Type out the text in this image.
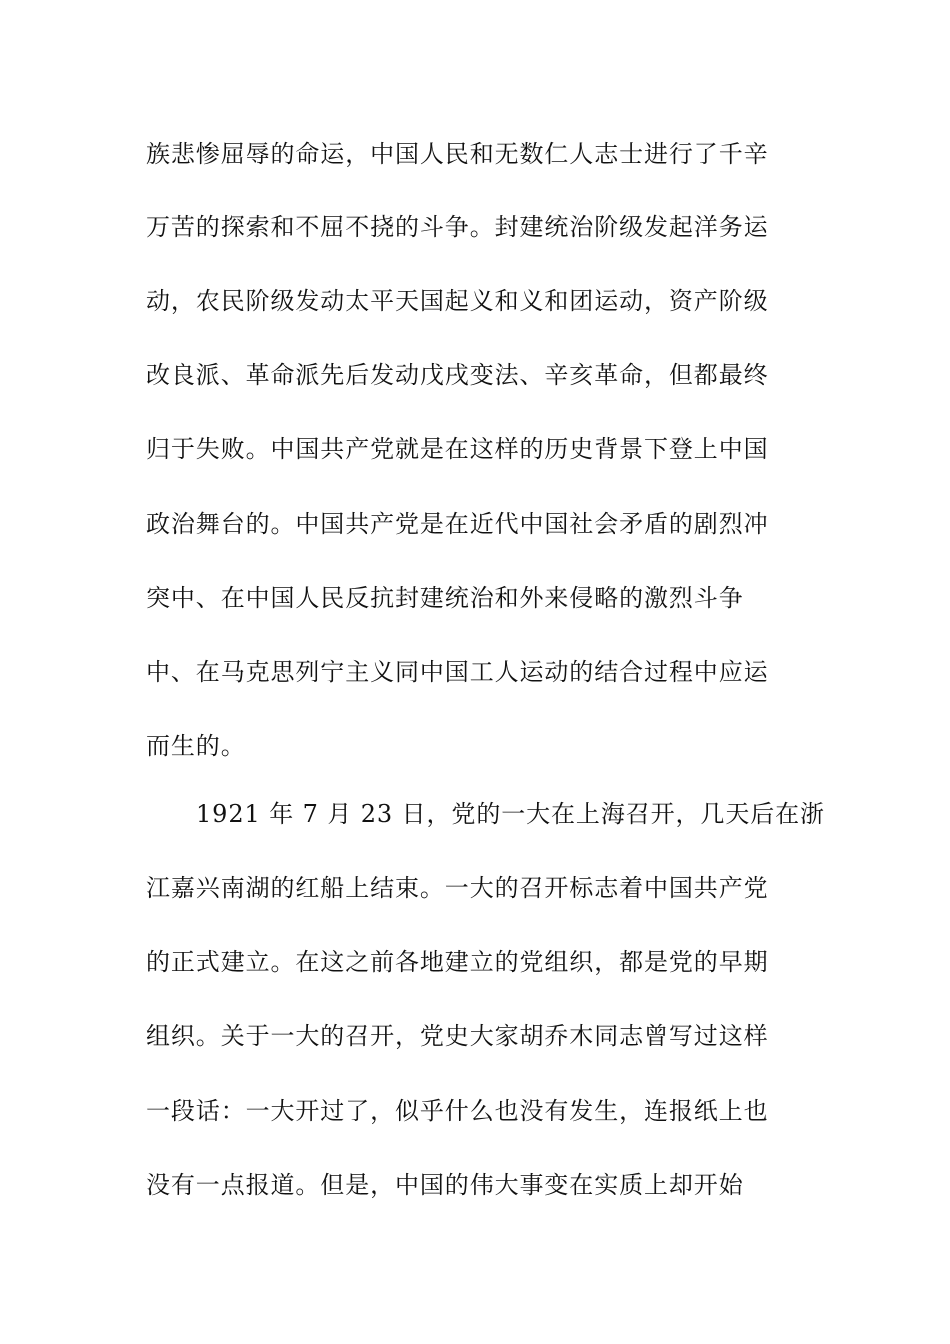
族悲惨屈辱的命运，中国人民和无数仁人志士进行了千辛

万苦的探索和不屈不挠的斗争。封建统治阶级发起洋务运

动，农民阶级发动太平天国起义和义和团运动，资产阶级

改良派、革命派先后发动戊戌变法、辛亥革命，但都最终

归于失败。中国共产党就是在这样的历史背景下登上中国

政治舞台的。中国共产党是在近代中国社会矛盾的剧烈冲

突中、在中国人民反抗封建统治和外来侵略的激烈斗争

中、在马克思列宁主义同中国工人运动的结合过程中应运

而生的。

1921 年 7 月 23 日，党的一大在上海召开，几天后在浙

江嘉兴南湖的红船上结束。一大的召开标志着中国共产党

的正式建立。在这之前各地建立的党组织，都是党的早期

组织。关于一大的召开，党史大家胡乔木同志曾写过这样

一段话：一大开过了，似乎什么也没有发生，连报纸上也

没有一点报道。但是，中国的伟大事变在实质上却开始
